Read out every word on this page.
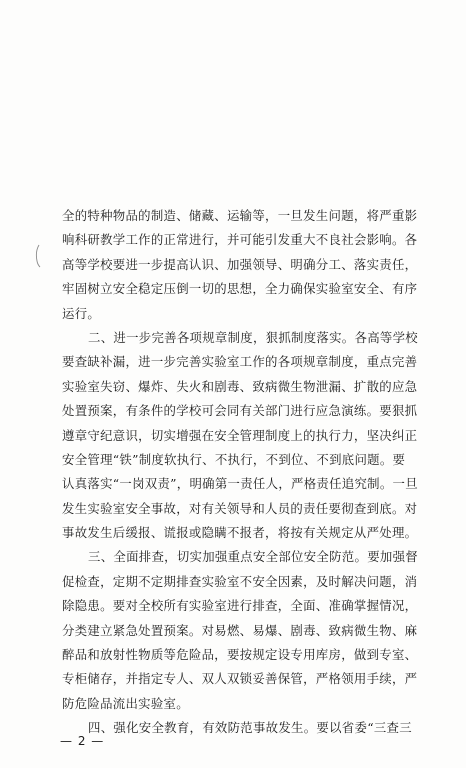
全的特种物品的制造、储藏、运输等，一旦发生问题，将严重影
响科研教学工作的正常进行，并可能引发重大不良社会影响。各
高等学校要进一步提高认识、加强领导、明确分工、落实责任，
牢固树立安全稳定压倒一切的思想，全力确保实验室安全、有序
运行。
二、进一步完善各项规章制度，狠抓制度落实。各高等学校
要查缺补漏，进一步完善实验室工作的各项规章制度，重点完善
实验室失窃、爆炸、失火和剧毒、致病微生物泄漏、扩散的应急
处置预案，有条件的学校可会同有关部门进行应急演练。要狠抓
遵章守纪意识，切实增强在安全管理制度上的执行力，坚决纠正
安全管理“铁”制度软执行、不执行，不到位、不到底问题。要
认真落实“一岗双责”，明确第一责任人，严格责任追究制。一旦
发生实验室安全事故，对有关领导和人员的责任要彻查到底。对
事故发生后缓报、谎报或隐瞒不报者，将按有关规定从严处理。
三、全面排查，切实加强重点安全部位安全防范。要加强督
促检查，定期不定期排查实验室不安全因素，及时解决问题，消
除隐患。要对全校所有实验室进行排查，全面、准确掌握情况，
分类建立紧急处置预案。对易燃、易爆、剧毒、致病微生物、麻
醉品和放射性物质等危险品，要按规定设专用库房，做到专室、
专柜储存，并指定专人、双人双锁妥善保管，严格领用手续，严
防危险品流出实验室。
四、强化安全教育，有效防范事故发生。要以省委“三查三
— 2 —
